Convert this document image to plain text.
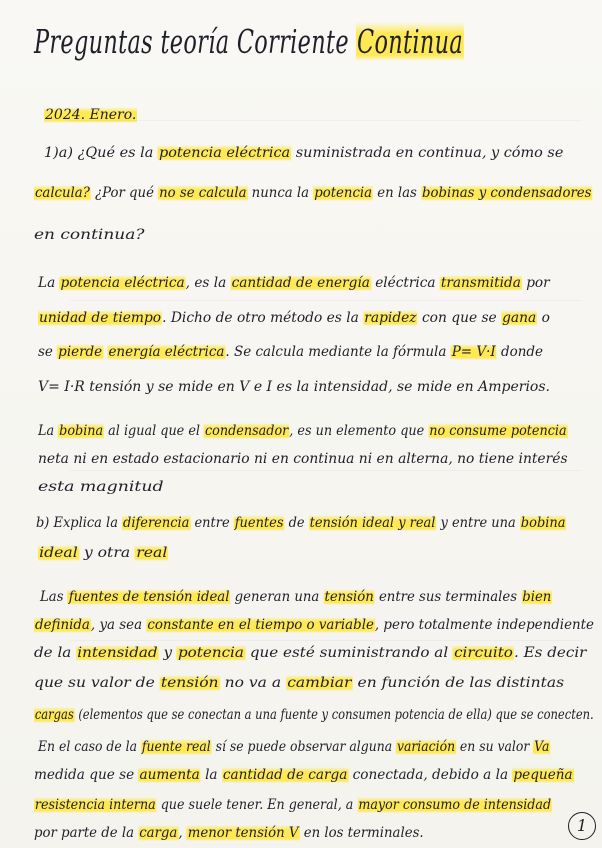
Preguntas teoría Corriente Continua
2024. Enero.
1)a) ¿Qué es la potencia eléctrica suministrada en continua, y cómo se
calcula? ¿Por qué no se calcula nunca la potencia en las bobinas y condensadores
en continua?
La potencia eléctrica, es la cantidad de energía eléctrica transmitida por
unidad de tiempo. Dicho de otro método es la rapidez con que se gana o
se pierde energía eléctrica. Se calcula mediante la fórmula P= V·I donde
V= I·R tensión y se mide en V e I es la intensidad, se mide en Amperios.
La bobina al igual que el condensador, es un elemento que no consume potencia
neta ni en estado estacionario ni en continua ni en alterna, no tiene interés
esta magnitud
b) Explica la diferencia entre fuentes de tensión ideal y real y entre una bobina
ideal y otra real
Las fuentes de tensión ideal generan una tensión entre sus terminales bien
definida, ya sea constante en el tiempo o variable, pero totalmente independiente
de la intensidad y potencia que esté suministrando al circuito. Es decir
que su valor de tensión no va a cambiar en función de las distintas
cargas (elementos que se conectan a una fuente y consumen potencia de ella) que se conecten.
En el caso de la fuente real sí se puede observar alguna variación en su valor Va
medida que se aumenta la cantidad de carga conectada, debido a la pequeña
resistencia interna que suele tener. En general, a mayor consumo de intensidad
por parte de la carga, menor tensión V en los terminales.	1
